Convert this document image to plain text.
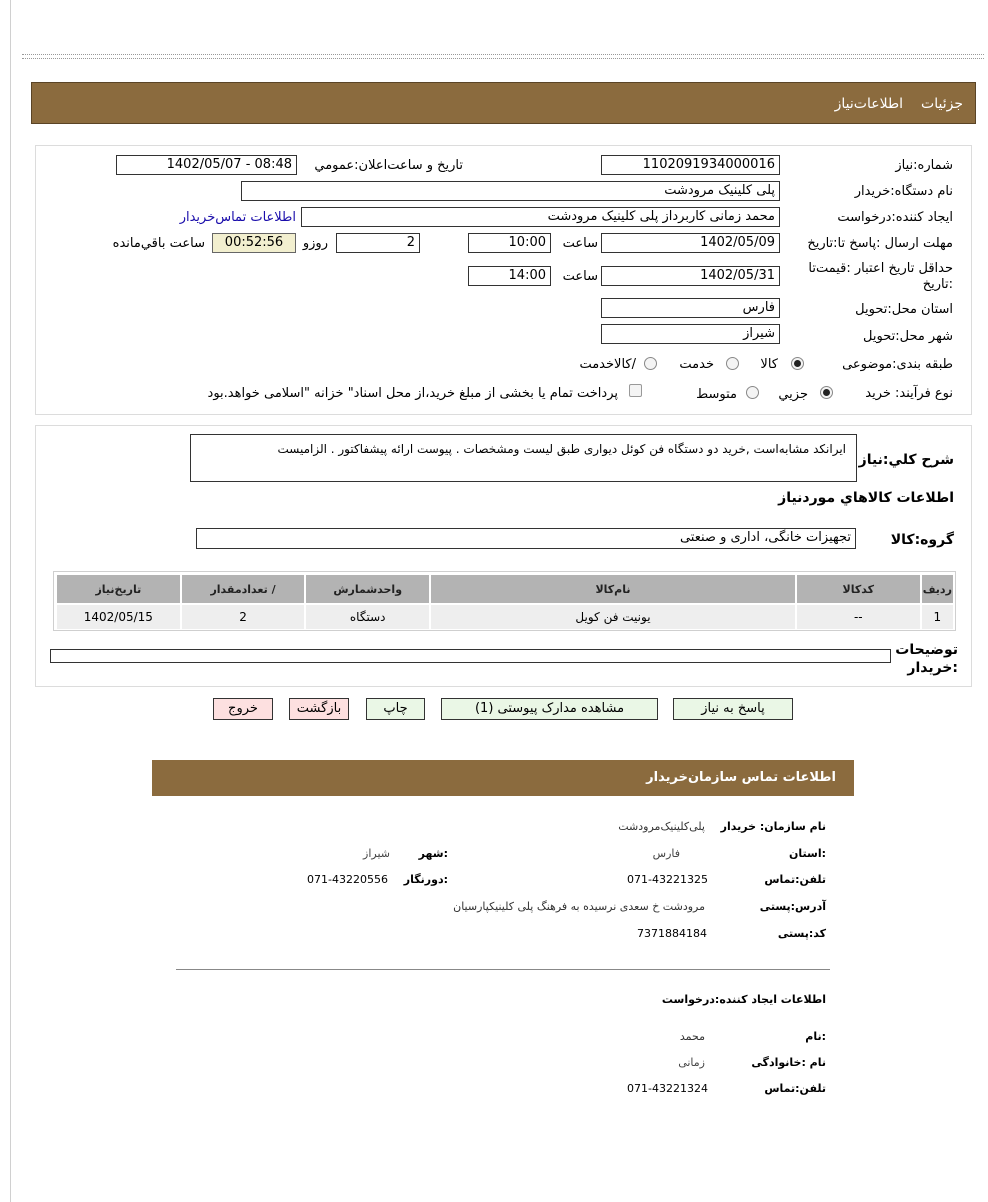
جزئیات
اطلاعات‌نیاز
شماره:نیاز
1102091934000016
تاریخ و ساعت‌اعلان:عمومي
1402/05/07 - 08:48
نام دستگاه:خریدار
پلی کلینیک مرودشت
ایجاد کننده:درخواست
محمد زمانی کاربرداز پلی کلینیک مرودشت
اطلاعات تماس‌خریدار
مهلت ارسال :پاسخ تا:تاریخ
1402/05/09
ساعت
10:00
2
روزو
00:52:56
ساعت باقي‌مانده
حداقل تاریخ اعتبار :قیمت‌تا :تاریخ
1402/05/31
ساعت
14:00
استان محل:تحویل
فارس
شهر محل:تحویل
شیراز
طبقه بندی:موضوعی
کالا
خدمت
/کالاخدمت
نوع فرآیند: خرید
جزيي
متوسط
پرداخت تمام یا بخشی از مبلغ خرید،از محل اسناد" خزانه "اسلامی خواهد.بود
شرح کلي:نیاز
ایرانکد مشابه‌است ,خرید دو دستگاه فن کوئل دیواری طبق لیست ومشخصات . پیوست ارائه پیشفاکتور . الزامیست
اطلاعات کالاهاي مورد‌نیاز
گروه:کالا
تجهیزات خانگی، اداری و صنعتی
رديف	کدکالا	نام‌کالا	واحدشمارش	/ تعدادمقدار	تاریخ‌نیاز
1	--	یونیت فن کویل	دستگاه	2	1402/05/15
توضیحات :خریدار
پاسخ به نیاز
مشاهده مدارک پیوستی (1)
چاپ
بازگشت
خروج
اطلاعات تماس سازمان‌خریدار
نام سازمان: خریدار
پلی‌کلینیک‌مرودشت
:استان
فارس
:شهر
شیراز
تلفن:تماس
071-43221325
:دورنگار
071-43220556
آدرس:پستی
مرودشت خ سعدی نرسیده به فرهنگ پلی کلینیکپارسیان
کد:پستی
7371884184
اطلاعات ایجاد کننده:درخواست
:نام
محمد
نام :خانوادگی
زمانی
تلفن:تماس
071-43221324
